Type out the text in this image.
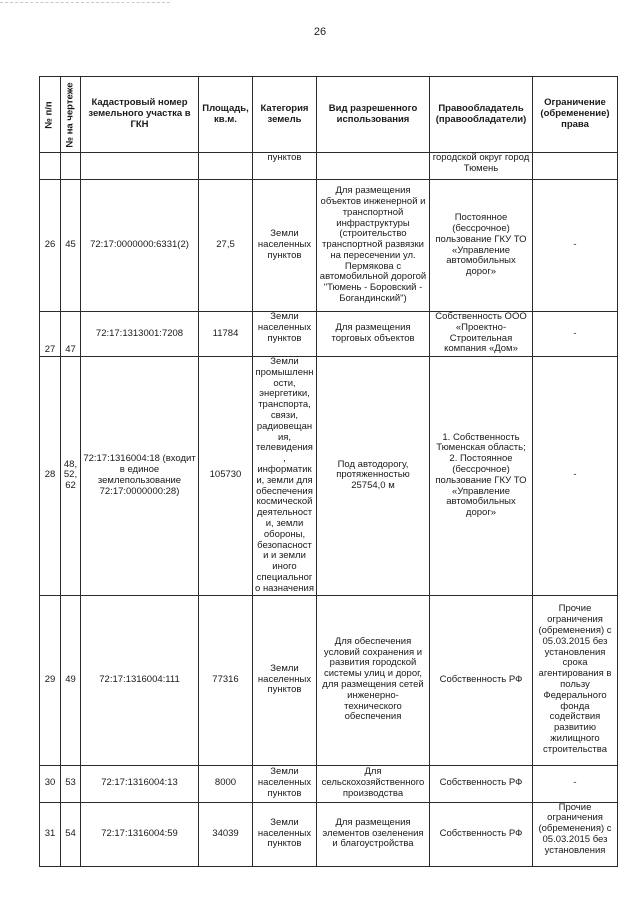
26
№ п/п	№ на чертеже	Кадастровый номер земельного участка в ГКН	Площадь, кв.м.	Категория земель	Вид разрешенного использования	Правообладатель (правообладатели)	Ограничение (обременение) права
				пунктов		городской округ город Тюмень	
26	45	72:17:0000000:6331(2)	27,5	Земли населенных пунктов	Для размещения объектов инженерной и транспортной инфраструктуры (строительство транспортной развязки на пересечении ул. Пермякова с автомобильной дорогой "Тюмень - Боровский - Богандинский")	Постоянное (бессрочное) пользование ГКУ ТО «Управление автомобильных дорог»	-
27	47	72:17:1313001:7208	11784	Земли населенных пунктов	Для размещения торговых объектов	Собственность ООО «Проектно-Строительная компания «Дом»	-
28	48, 52, 62	72:17:1316004:18 (входит в единое землепользование 72:17:0000000:28)	105730	Земли промышленности, энергетики, транспорта, связи, радиовещания, телевидения, информатики, земли для обеспечения космической деятельности, земли обороны, безопасности и земли иного специального назначения	Под автодорогу, протяженностью 25754,0 м	1. Собственность Тюменская область; 2. Постоянное (бессрочное) пользование ГКУ ТО «Управление автомобильных дорог»	-
29	49	72:17:1316004:111	77316	Земли населенных пунктов	Для обеспечения условий сохранения и развития городской системы улиц и дорог, для размещения сетей инженерно-технического обеспечения	Собственность РФ	Прочие ограничения (обременения) с 05.03.2015 без установления срока агентирования в пользу Федерального фонда содействия развитию жилищного строительства
30	53	72:17:1316004:13	8000	Земли населенных пунктов	Для сельскохозяйственного производства	Собственность РФ	-
31	54	72:17:1316004:59	34039	Земли населенных пунктов	Для размещения элементов озеленения и благоустройства	Собственность РФ	Прочие ограничения (обременения) с 05.03.2015 без установления
